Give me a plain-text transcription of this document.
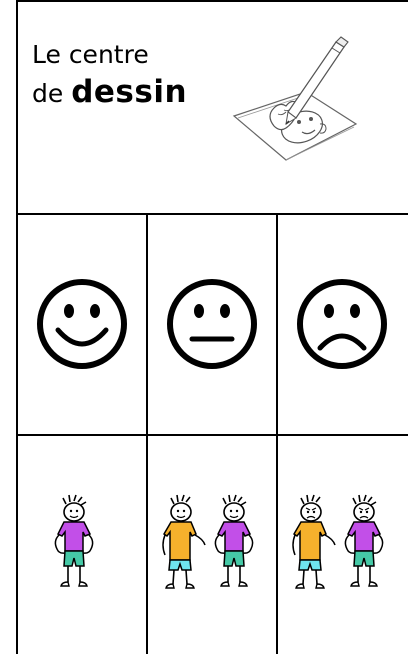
Le centre
de dessin
